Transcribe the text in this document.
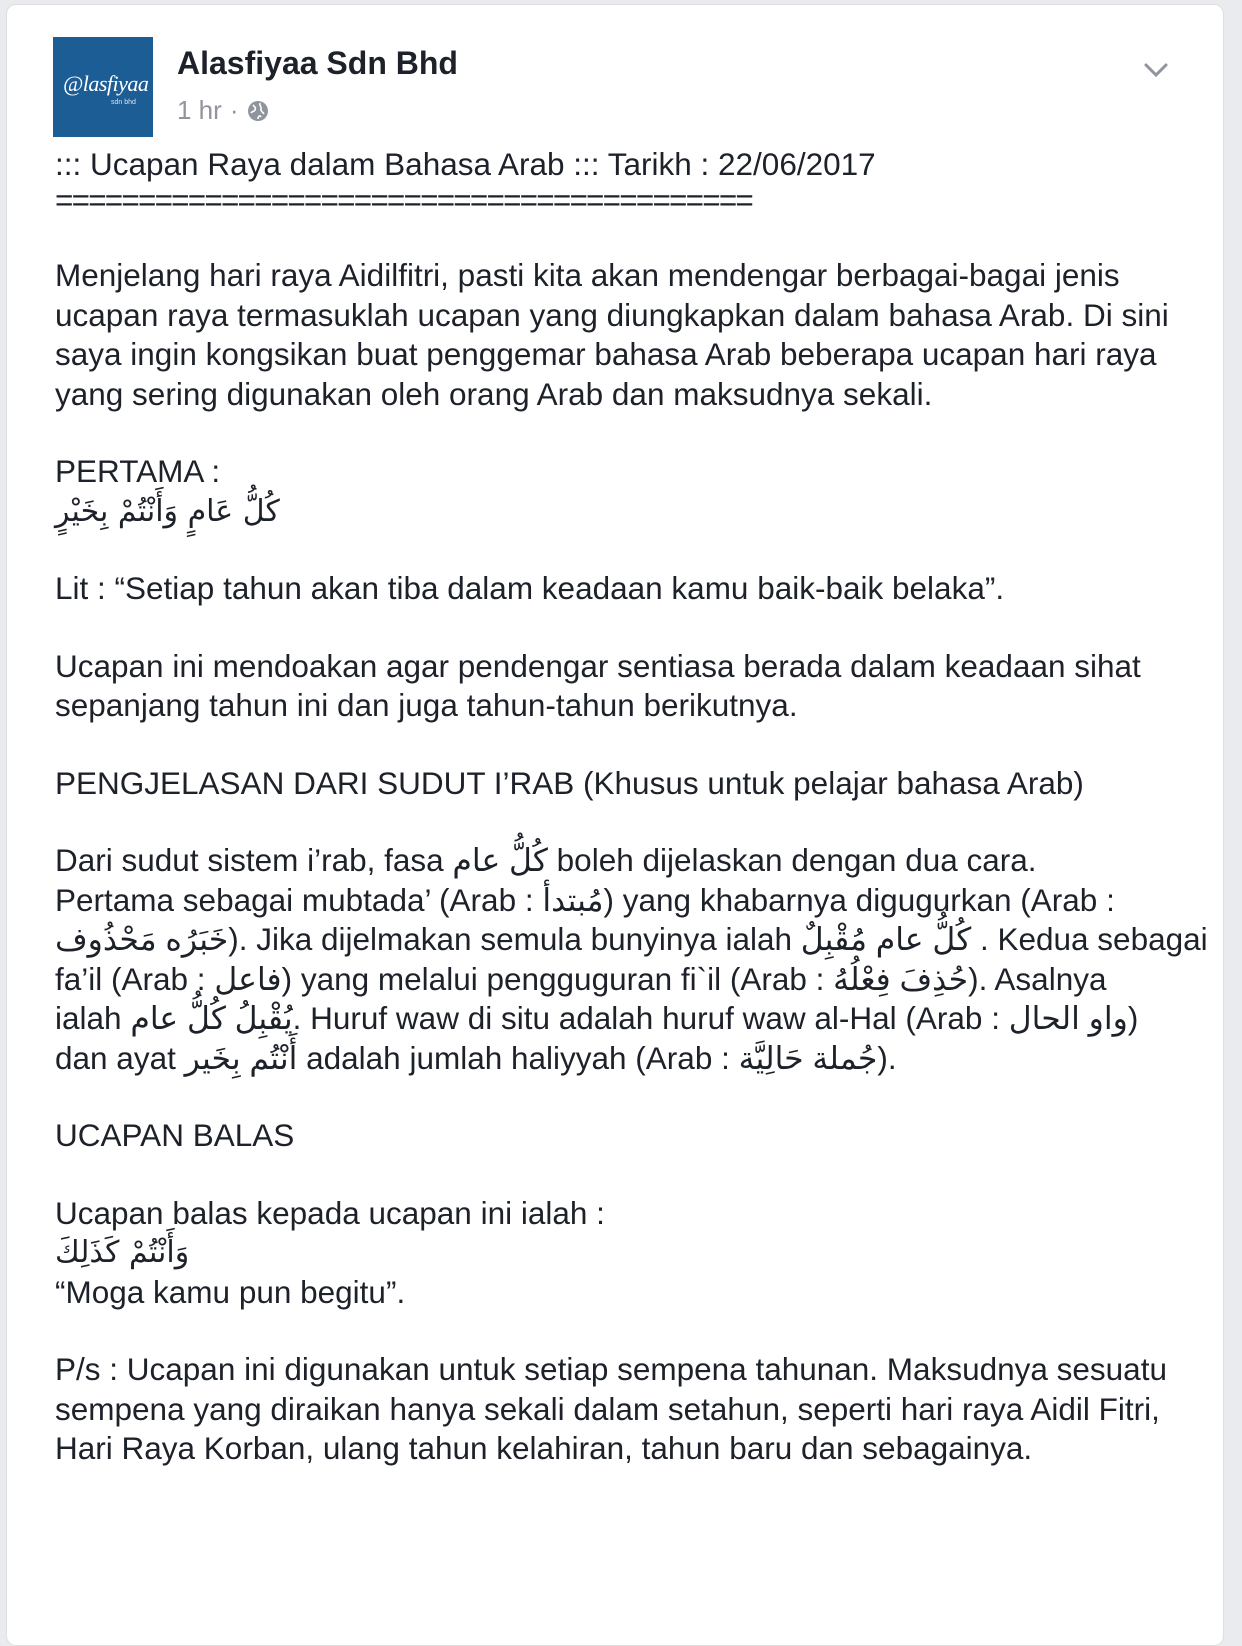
@lasfiyaa
sdn bhd
Alasfiyaa Sdn Bhd
1 hr ·

::: Ucapan Raya dalam Bahasa Arab ::: Tarikh : 22/06/2017

==========================================

Menjelang hari raya Aidilfitri, pasti kita akan mendengar berbagai-bagai jenis ucapan raya termasuklah ucapan yang diungkapkan dalam bahasa Arab. Di sini saya ingin kongsikan buat penggemar bahasa Arab beberapa ucapan hari raya yang sering digunakan oleh orang Arab dan maksudnya sekali.

PERTAMA :

كُلُّ عَامٍ وَأَنْتُمْ بِخَيْرٍ

Lit : “Setiap tahun akan tiba dalam keadaan kamu baik-baik belaka”.

Ucapan ini mendoakan agar pendengar sentiasa berada dalam keadaan sihat sepanjang tahun ini dan juga tahun-tahun berikutnya.

PENGJELASAN DARI SUDUT I’RAB (Khusus untuk pelajar bahasa Arab)

Dari sudut sistem i’rab, fasa كُلُّ عام boleh dijelaskan dengan dua cara.

Pertama sebagai mubtada’ (Arab : مُبتدأ) yang khabarnya digugurkan (Arab :

خَبَرُه مَحْذُوف). Jika dijelmakan semula bunyinya ialah كُلُّ عام مُقْبِلٌ . Kedua sebagai

fa’il (Arab : فاعل) yang melalui pengguguran fi`il (Arab : حُذِفَ فِعْلُهُ). Asalnya

ialah يُقْبِلُ كُلُّ عام. Huruf waw di situ adalah huruf waw al-Hal (Arab : واو الحال)

dan ayat أَنْتُم بِخَير adalah jumlah haliyyah (Arab : جُملة حَالِيَّة).

UCAPAN BALAS

Ucapan balas kepada ucapan ini ialah :

وَأَنْتُمْ كَذَلِكَ

“Moga kamu pun begitu”.

P/s : Ucapan ini digunakan untuk setiap sempena tahunan. Maksudnya sesuatu sempena yang diraikan hanya sekali dalam setahun, seperti hari raya Aidil Fitri, Hari Raya Korban, ulang tahun kelahiran, tahun baru dan sebagainya.
